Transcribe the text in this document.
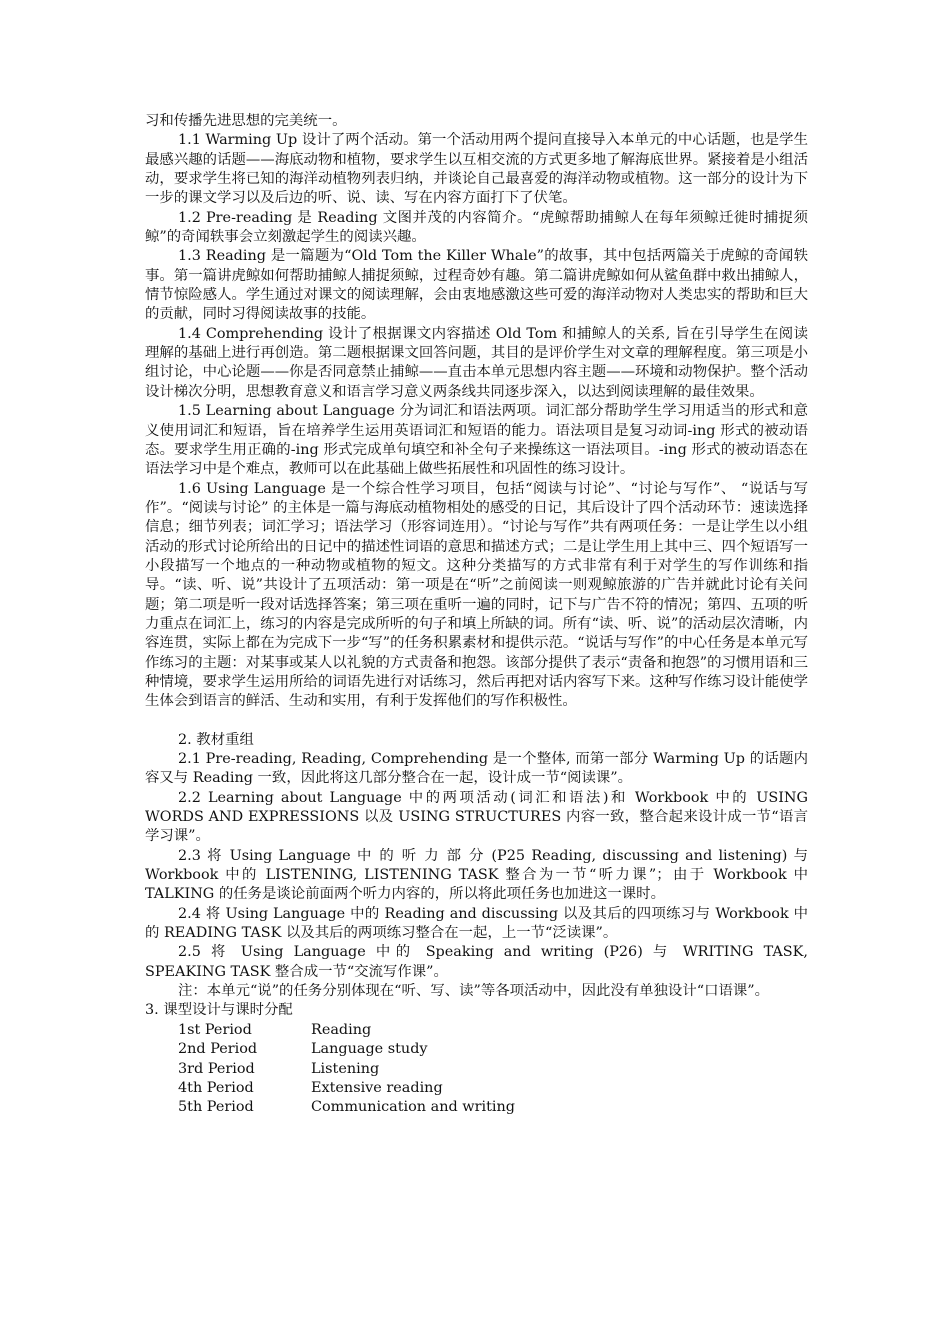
习和传播先进思想的完美统一。

1.1 Warming Up 设计了两个活动。第一个活动用两个提问直接导入本单元的中心话题，也是学生最感兴趣的话题——海底动物和植物，要求学生以互相交流的方式更多地了解海底世界。紧接着是小组活动，要求学生将已知的海洋动植物列表归纳，并谈论自己最喜爱的海洋动物或植物。这一部分的设计为下一步的课文学习以及后边的听、说、读、写在内容方面打下了伏笔。

1.2 Pre-reading 是 Reading 文图并茂的内容简介。“虎鲸帮助捕鲸人在每年须鲸迁徙时捕捉须鲸”的奇闻轶事会立刻激起学生的阅读兴趣。

1.3 Reading 是一篇题为“Old Tom the Killer Whale”的故事，其中包括两篇关于虎鲸的奇闻轶事。第一篇讲虎鲸如何帮助捕鲸人捕捉须鲸，过程奇妙有趣。第二篇讲虎鲸如何从鲨鱼群中救出捕鲸人，情节惊险感人。学生通过对课文的阅读理解，会由衷地感激这些可爱的海洋动物对人类忠实的帮助和巨大的贡献，同时习得阅读故事的技能。

1.4 Comprehending 设计了根据课文内容描述 Old Tom 和捕鲸人的关系, 旨在引导学生在阅读理解的基础上进行再创造。第二题根据课文回答问题，其目的是评价学生对文章的理解程度。第三项是小组讨论，中心论题——你是否同意禁止捕鲸——直击本单元思想内容主题——环境和动物保护。整个活动设计梯次分明，思想教育意义和语言学习意义两条线共同逐步深入，以达到阅读理解的最佳效果。

1.5 Learning about Language 分为词汇和语法两项。词汇部分帮助学生学习用适当的形式和意义使用词汇和短语，旨在培养学生运用英语词汇和短语的能力。语法项目是复习动词-ing 形式的被动语态。要求学生用正确的-ing 形式完成单句填空和补全句子来操练这一语法项目。-ing 形式的被动语态在语法学习中是个难点，教师可以在此基础上做些拓展性和巩固性的练习设计。

1.6 Using Language 是一个综合性学习项目，包括“阅读与讨论”、“讨论与写作”、 “说话与写作”。“阅读与讨论” 的主体是一篇与海底动植物相处的感受的日记，其后设计了四个活动环节：速读选择信息；细节列表；词汇学习；语法学习（形容词连用）。“讨论与写作”共有两项任务：一是让学生以小组活动的形式讨论所给出的日记中的描述性词语的意思和描述方式；二是让学生用上其中三、四个短语写一小段描写一个地点的一种动物或植物的短文。这种分类描写的方式非常有利于对学生的写作训练和指导。“读、听、说”共设计了五项活动：第一项是在“听”之前阅读一则观鲸旅游的广告并就此讨论有关问题；第二项是听一段对话选择答案；第三项在重听一遍的同时，记下与广告不符的情况；第四、五项的听力重点在词汇上，练习的内容是完成所听的句子和填上所缺的词。所有“读、听、说”的活动层次清晰，内容连贯，实际上都在为完成下一步“写”的任务积累素材和提供示范。“说话与写作”的中心任务是本单元写作练习的主题：对某事或某人以礼貌的方式责备和抱怨。该部分提供了表示“责备和抱怨”的习惯用语和三种情境，要求学生运用所给的词语先进行对话练习，然后再把对话内容写下来。这种写作练习设计能使学生体会到语言的鲜活、生动和实用，有利于发挥他们的写作积极性。

2. 教材重组

2.1 Pre-reading, Reading, Comprehending 是一个整体, 而第一部分 Warming Up 的话题内容又与 Reading 一致，因此将这几部分整合在一起，设计成一节“阅读课”。

2.2 Learning about Language 中的两项活动(词汇和语法)和 Workbook 中的 USING WORDS AND EXPRESSIONS 以及 USING STRUCTURES 内容一致，整合起来设计成一节“语言学习课”。

2.3 将 Using Language 中 的 听 力 部 分 (P25 Reading, discussing and listening) 与 Workbook 中的 LISTENING, LISTENING TASK 整合为一节“听力课”；由于 Workbook 中 TALKING 的任务是谈论前面两个听力内容的，所以将此项任务也加进这一课时。

2.4 将 Using Language 中的 Reading and discussing 以及其后的四项练习与 Workbook 中的 READING TASK 以及其后的两项练习整合在一起，上一节“泛读课”。

2.5 将 Using Language 中的 Speaking and writing (P26) 与 WRITING TASK, SPEAKING TASK 整合成一节“交流写作课”。

注：本单元“说”的任务分别体现在“听、写、读”等各项活动中，因此没有单独设计“口语课”。

3. 课型设计与课时分配

1st Period	Reading
2nd Period	Language study
3rd Period	Listening
4th Period	Extensive reading
5th Period	Communication and writing
